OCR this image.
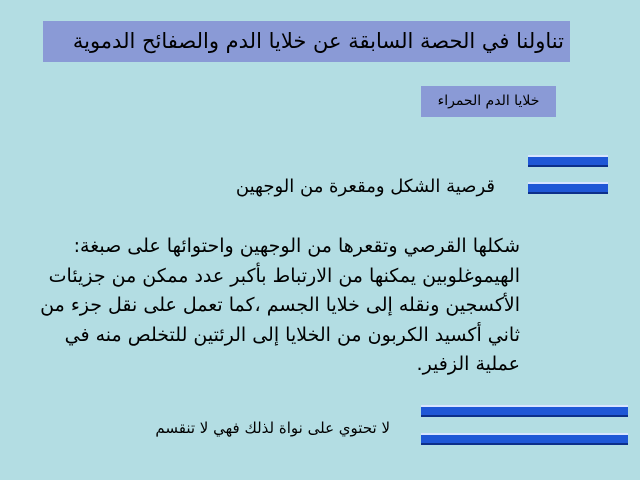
تناولنا في الحصة السابقة عن خلايا الدم والصفائح الدموية
خلايا الدم الحمراء
قرصية الشكل ومقعرة من الوجهين
شكلها القرصي وتقعرها من الوجهين واحتوائها على صبغة:
الهيموغلوبين يمكنها من الارتباط بأكبر عدد ممكن من جزيئات
الأكسجين ونقله إلى خلايا الجسم ،كما تعمل على نقل جزء من
ثاني أكسيد الكربون من الخلايا إلى الرئتين للتخلص منه في
عملية الزفير.
لا تحتوي على نواة لذلك فهي لا تنقسم
